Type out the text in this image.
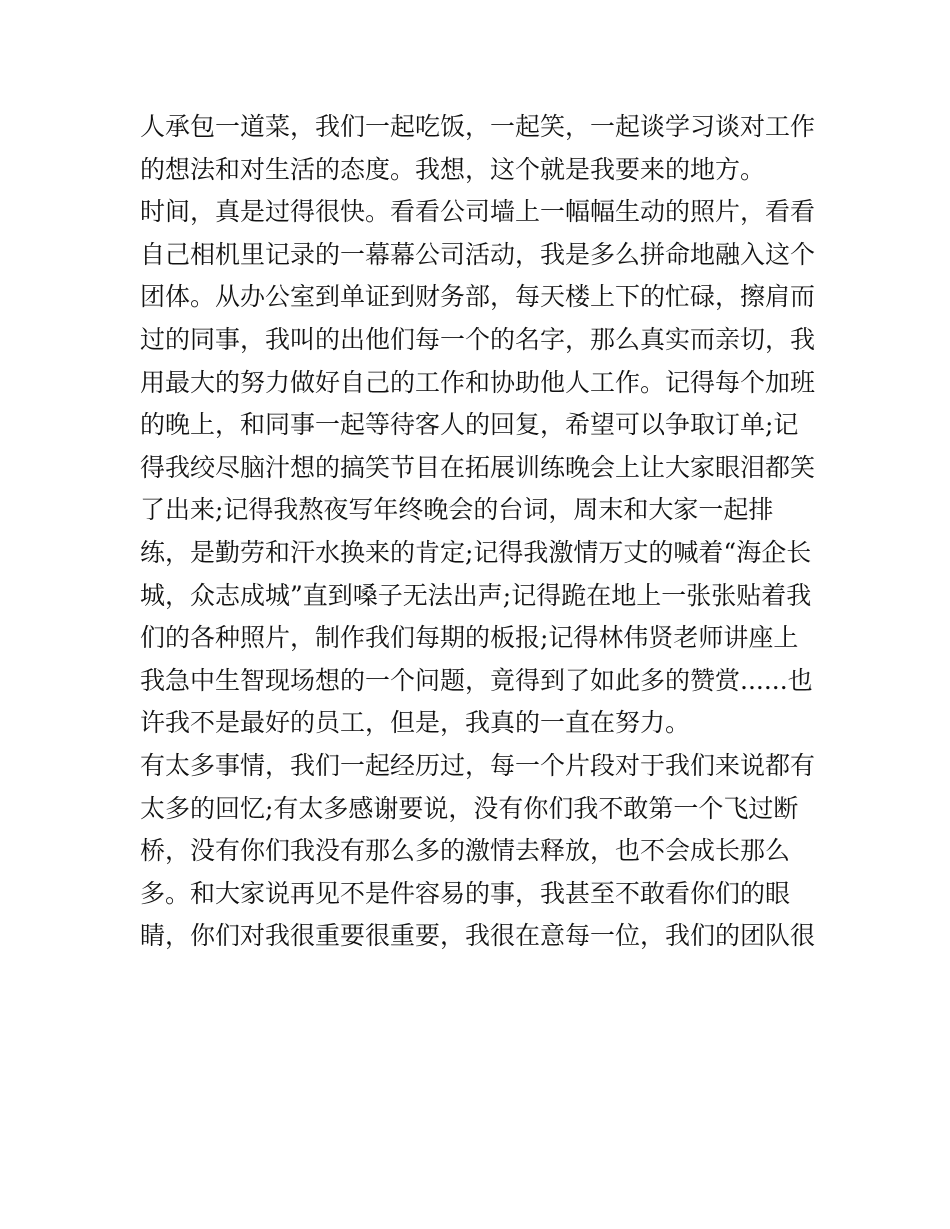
人承包一道菜，我们一起吃饭，一起笑，一起谈学习谈对工作
的想法和对生活的态度。我想，这个就是我要来的地方。
时间，真是过得很快。看看公司墙上一幅幅生动的照片，看看
自己相机里记录的一幕幕公司活动，我是多么拼命地融入这个
团体。从办公室到单证到财务部，每天楼上下的忙碌，擦肩而
过的同事，我叫的出他们每一个的名字，那么真实而亲切，我
用最大的努力做好自己的工作和协助他人工作。记得每个加班
的晚上，和同事一起等待客人的回复，希望可以争取订单;记
得我绞尽脑汁想的搞笑节目在拓展训练晚会上让大家眼泪都笑
了出来;记得我熬夜写年终晚会的台词，周末和大家一起排
练，是勤劳和汗水换来的肯定;记得我激情万丈的喊着“海企长
城，众志成城”直到嗓子无法出声;记得跪在地上一张张贴着我
们的各种照片，制作我们每期的板报;记得林伟贤老师讲座上
我急中生智现场想的一个问题，竟得到了如此多的赞赏......也
许我不是最好的员工，但是，我真的一直在努力。
有太多事情，我们一起经历过，每一个片段对于我们来说都有
太多的回忆;有太多感谢要说，没有你们我不敢第一个飞过断
桥，没有你们我没有那么多的激情去释放，也不会成长那么
多。和大家说再见不是件容易的事，我甚至不敢看你们的眼
睛，你们对我很重要很重要，我很在意每一位，我们的团队很
